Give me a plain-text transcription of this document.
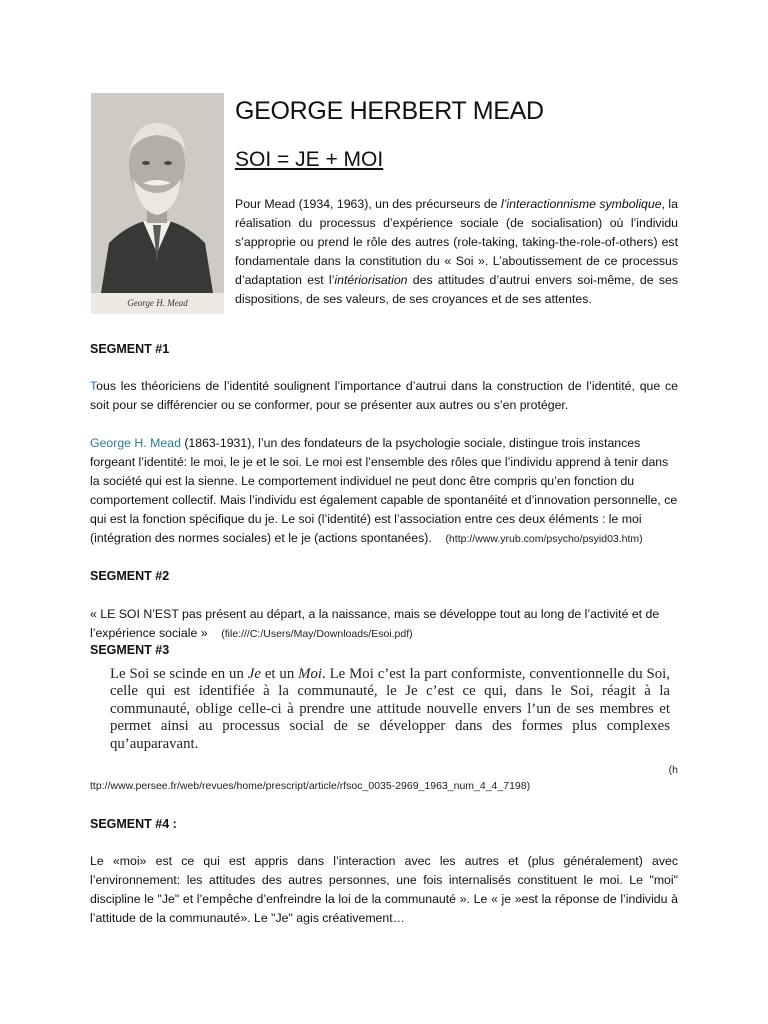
George H. Mead
GEORGE HERBERT MEAD
SOI = JE + MOI
Pour Mead (1934, 1963), un des précurseurs de l’interactionnisme symbolique, la réalisation du processus d’expérience sociale (de socialisation) où l’individu s’approprie ou prend le rôle des autres (role-taking, taking-the-role-of-others) est fondamentale dans la constitution du « Soi ». L’aboutissement de ce processus d’adaptation est l’intériorisation des attitudes d’autrui envers soi-même, de ses dispositions, de ses valeurs, de ses croyances et de ses attentes.
SEGMENT #1
Tous les théoriciens de l’identité soulignent l’importance d’autrui dans la construction de l’identité, que ce soit pour se différencier ou se conformer, pour se présenter aux autres ou s’en protéger.
George H. Mead (1863-1931), l’un des fondateurs de la psychologie sociale, distingue trois instances forgeant l’identité: le moi, le je et le soi. Le moi est l’ensemble des rôles que l’individu apprend à tenir dans la société qui est la sienne. Le comportement individuel ne peut donc être compris qu’en fonction du comportement collectif. Mais l’individu est également capable de spontanéité et d’innovation personnelle, ce qui est la fonction spécifique du je. Le soi (l’identité) est l’association entre ces deux éléments : le moi (intégration des normes sociales) et le je (actions spontanées). (http://www.yrub.com/psycho/psyid03.htm)
SEGMENT #2
« LE SOI N’EST pas présent au départ, a la naissance, mais se développe tout au long de l’activité et de l’expérience sociale » (file:///C:/Users/May/Downloads/Esoi.pdf)
SEGMENT #3
Le Soi se scinde en un Je et un Moi. Le Moi c’est la part conformiste, conventionnelle du Soi, celle qui est identifiée à la communauté, le Je c’est ce qui, dans le Soi, réagit à la communauté, oblige celle-ci à prendre une attitude nouvelle envers l’un de ses membres et permet ainsi au processus social de se développer dans des formes plus complexes qu’auparavant.
(h
ttp://www.persee.fr/web/revues/home/prescript/article/rfsoc_0035-2969_1963_num_4_4_7198)
SEGMENT #4 :
Le «moi» est ce qui est appris dans l’interaction avec les autres et (plus généralement) avec l’environnement: les attitudes des autres personnes, une fois internalisés constituent le moi. Le "moi" discipline le "Je" et l’empêche d’enfreindre la loi de la communauté ». Le « je »est la réponse de l’individu à l’attitude de la communauté». Le "Je" agis créativement…
